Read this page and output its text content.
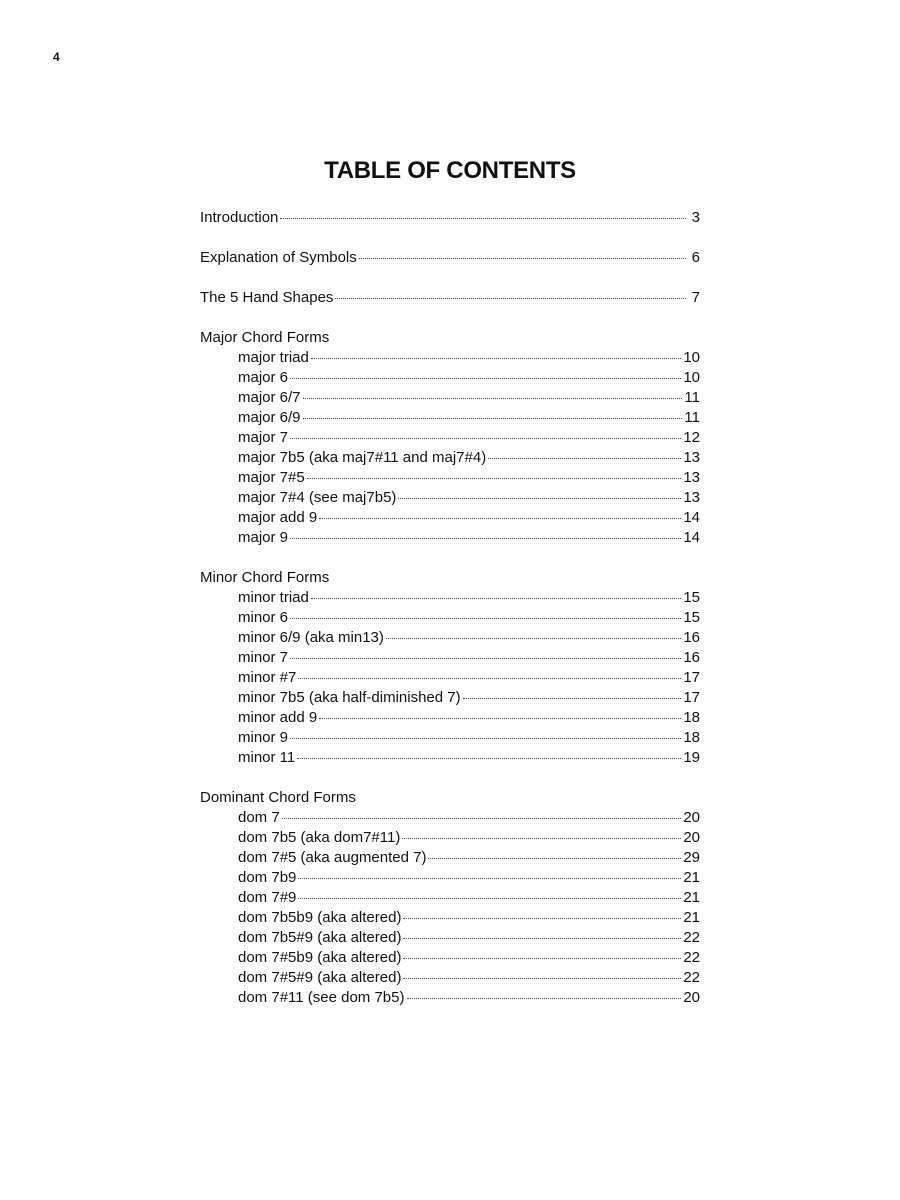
4
TABLE OF CONTENTS
Introduction	3
Explanation of Symbols	6
The 5 Hand Shapes	7
Major Chord Forms
major triad	10
major 6	10
major 6/7	11
major 6/9	11
major 7	12
major 7b5 (aka maj7#11 and maj7#4)	13
major 7#5	13
major 7#4 (see maj7b5)	13
major add 9	14
major 9	14
Minor Chord Forms
minor triad	15
minor 6	15
minor 6/9 (aka min13)	16
minor 7	16
minor #7	17
minor 7b5 (aka half-diminished 7)	17
minor add 9	18
minor 9	18
minor 11	19
Dominant Chord Forms
dom 7	20
dom 7b5 (aka dom7#11)	20
dom 7#5 (aka augmented 7)	29
dom 7b9	21
dom 7#9	21
dom 7b5b9 (aka altered)	21
dom 7b5#9 (aka altered)	22
dom 7#5b9 (aka altered)	22
dom 7#5#9 (aka altered)	22
dom 7#11 (see dom 7b5)	20
